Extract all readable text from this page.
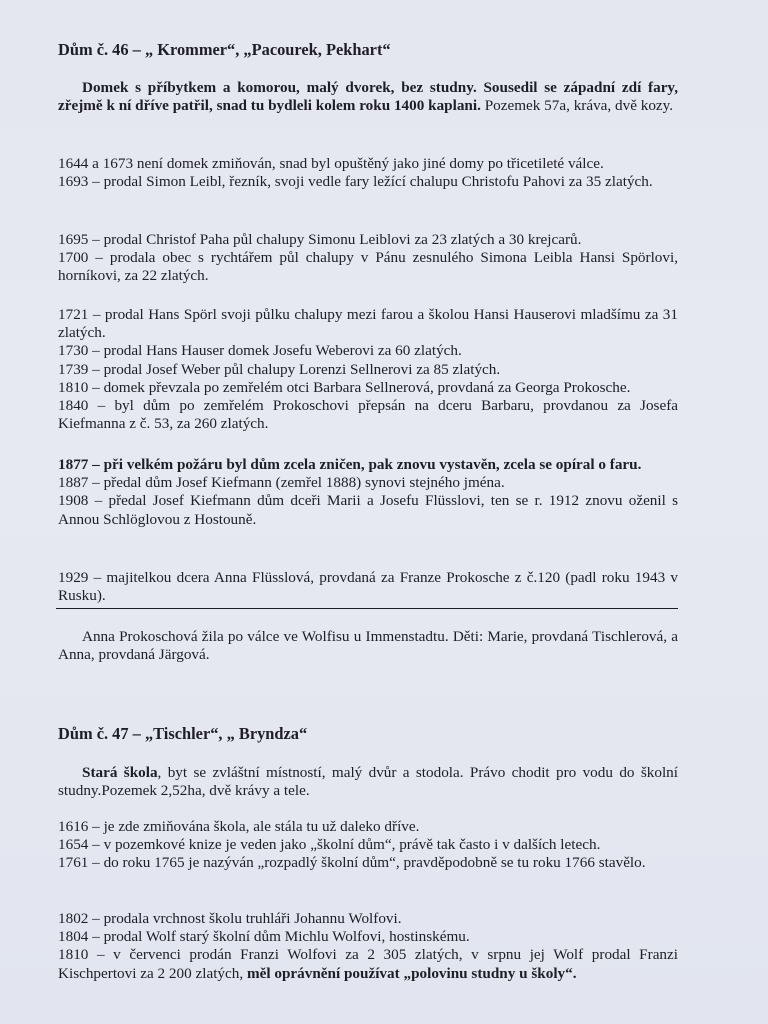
Dům č. 46 – „ Krommer“, „Pacourek, Pekhart“

Domek s příbytkem a komorou, malý dvorek, bez studny. Sousedil se západní zdí fary, zřejmě k ní dříve patřil, snad tu bydleli kolem roku 1400 kaplani. Pozemek 57a, kráva, dvě kozy.

1644 a 1673 není domek zmiňován, snad byl opuštěný jako jiné domy po třicetileté válce.

1693 – prodal Simon Leibl, řezník, svoji vedle fary ležící chalupu Christofu Pahovi za 35 zlatých.

1695 – prodal Christof Paha půl chalupy Simonu Leiblovi za 23 zlatých a 30 krejcarů.

1700 – prodala obec s rychtářem půl chalupy v Pánu zesnulého Simona Leibla Hansi Spörlovi, horníkovi, za 22 zlatých.

1721 – prodal Hans Spörl svoji půlku chalupy mezi farou a školou Hansi Hauserovi mladšímu za 31 zlatých.

1730 – prodal Hans Hauser domek Josefu Weberovi za 60 zlatých.

1739 – prodal Josef Weber půl chalupy Lorenzi Sellnerovi za 85 zlatých.

1810 – domek převzala po zemřelém otci Barbara Sellnerová, provdaná za Georga Prokosche.

1840 – byl dům po zemřelém Prokoschovi přepsán na dceru Barbaru, provdanou za Josefa Kiefmanna z č. 53, za 260 zlatých.

1877 – při velkém požáru byl dům zcela zničen, pak znovu vystavěn, zcela se opíral o faru.

1887 – předal dům Josef Kiefmann (zemřel 1888) synovi stejného jména.

1908 – předal Josef Kiefmann dům dceři Marii a Josefu Flüsslovi, ten se r. 1912 znovu oženil s Annou Schlöglovou z Hostouně.

1929 – majitelkou dcera Anna Flüsslová, provdaná za Franze Prokosche z č.120 (padl roku 1943 v Rusku).

Anna Prokoschová žila po válce ve Wolfisu u Immenstadtu. Děti: Marie, provdaná Tischlerová, a Anna, provdaná Järgová.

Dům č. 47 – „Tischler“, „ Bryndza“

Stará škola, byt se zvláštní místností, malý dvůr a stodola. Právo chodit pro vodu do školní studny.Pozemek 2,52ha, dvě krávy a tele.

1616 – je zde zmiňována škola, ale stála tu už daleko dříve.

1654 – v pozemkové knize je veden jako „školní dům“, právě tak často i v dalších letech.

1761 – do roku 1765 je nazýván „rozpadlý školní dům“, pravděpodobně se tu roku 1766 stavělo.

1802 – prodala vrchnost školu truhláři Johannu Wolfovi.

1804 – prodal Wolf starý školní dům Michlu Wolfovi, hostinskému.

1810 – v červenci prodán Franzi Wolfovi za 2 305 zlatých, v srpnu jej Wolf prodal Franzi Kischpertovi za 2 200 zlatých, měl oprávnění používat „polovinu studny u školy“.
